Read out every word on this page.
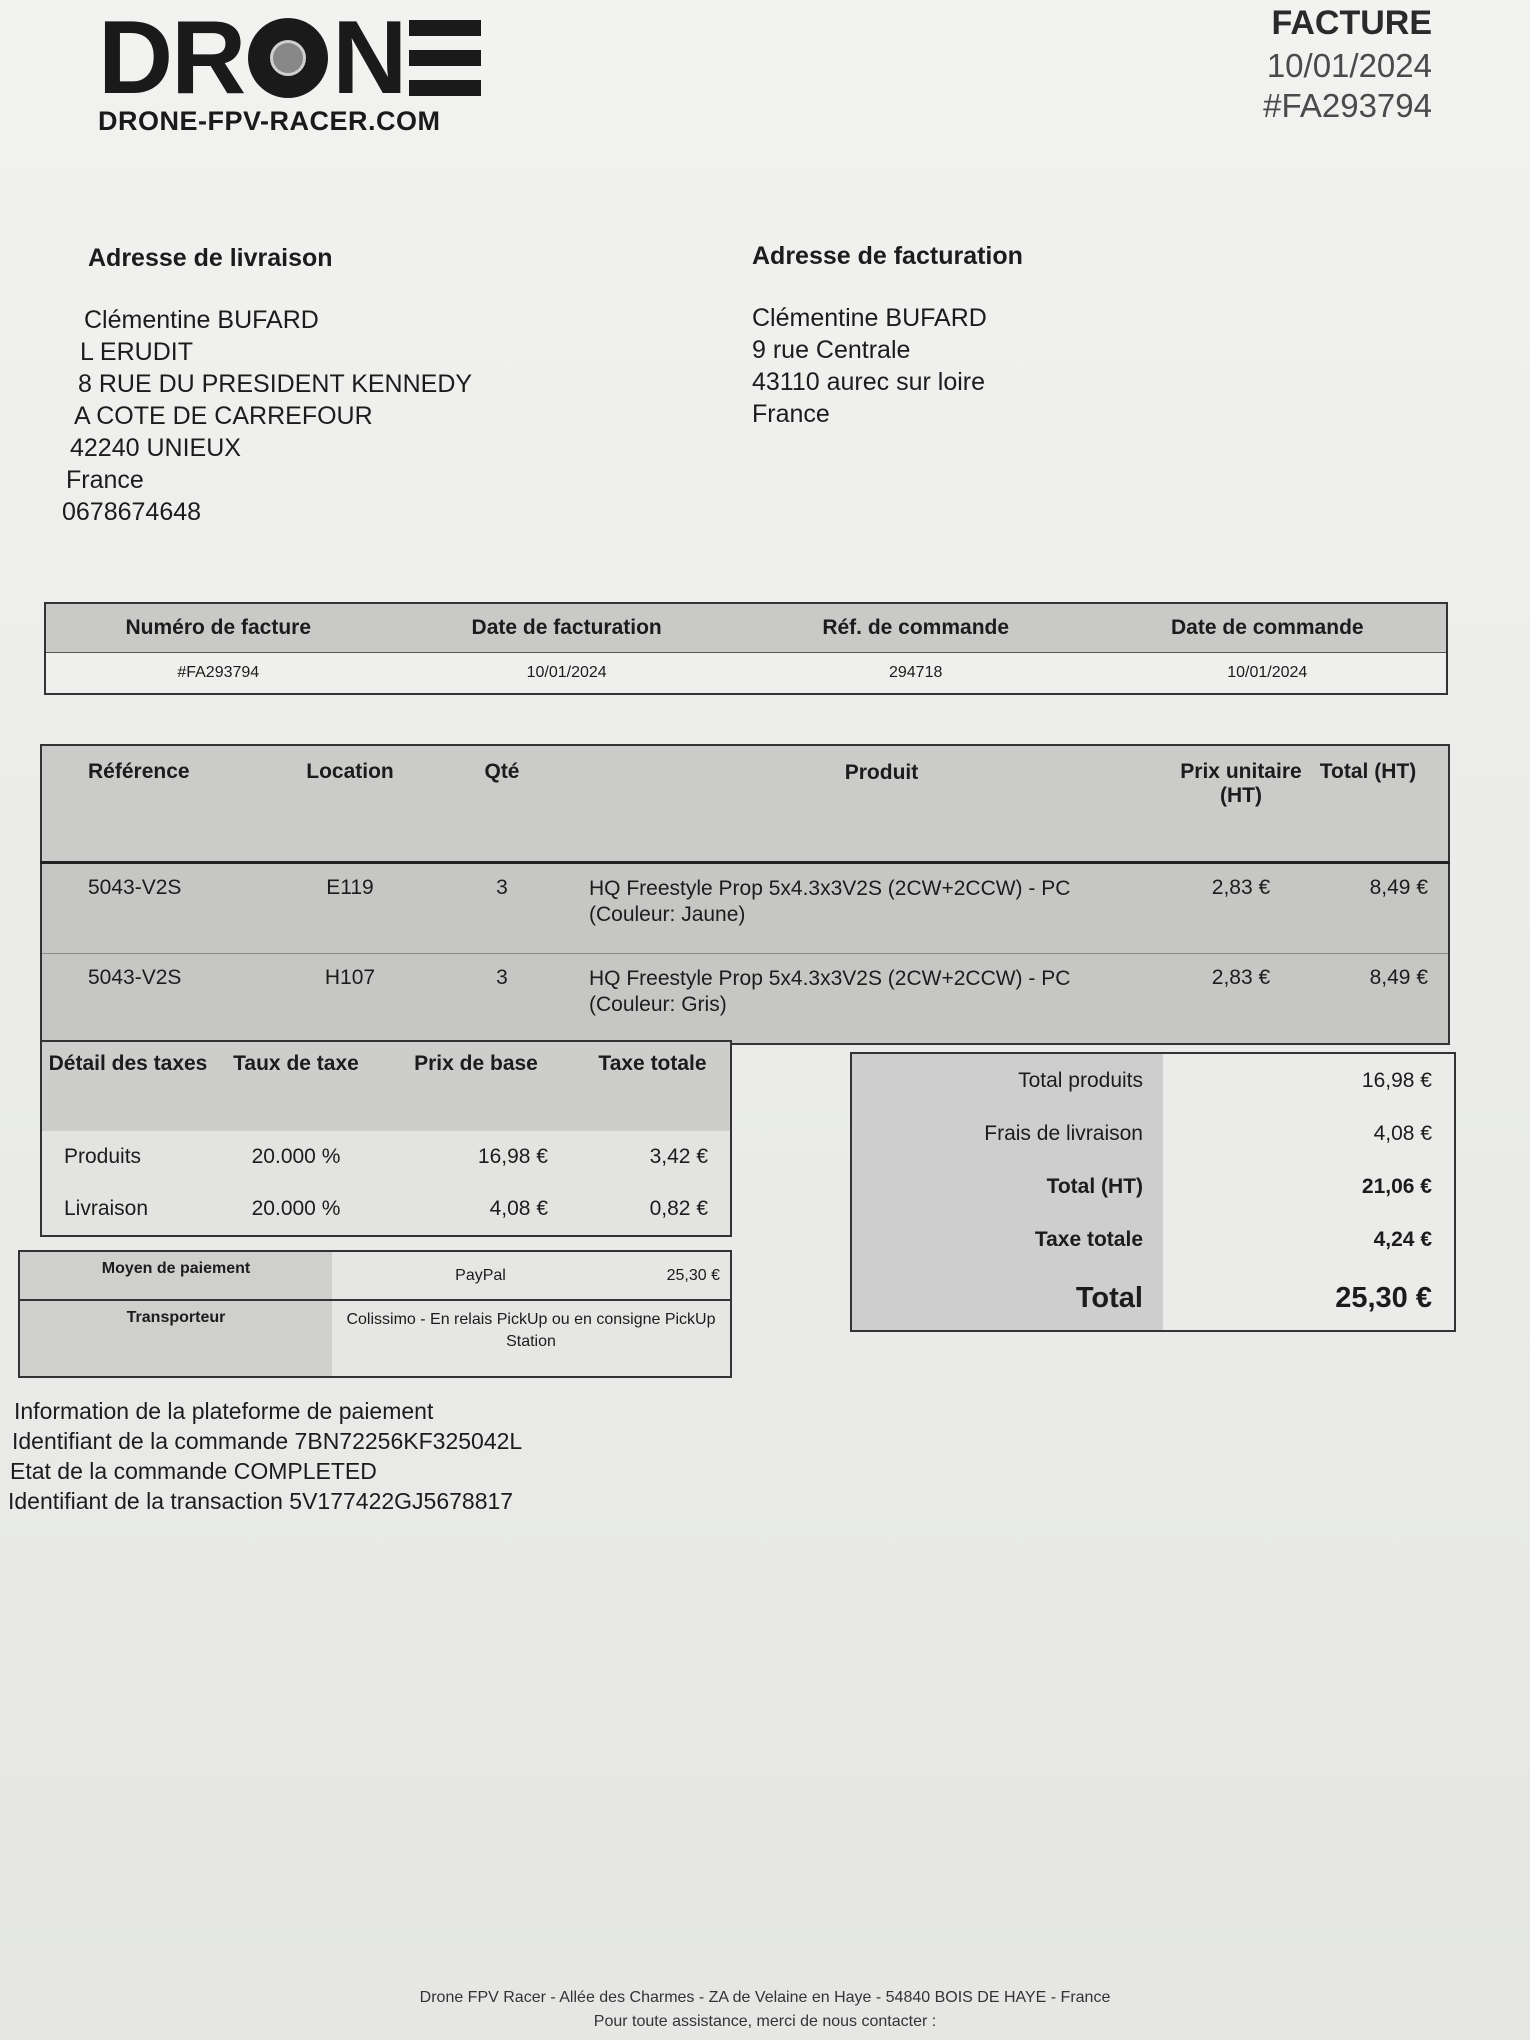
DR N
DRONE-FPV-RACER.COM
FACTURE
10/01/2024
#FA293794
Adresse de livraison
Clémentine BUFARD
L ERUDIT
8 RUE DU PRESIDENT KENNEDY
A COTE DE CARREFOUR
42240 UNIEUX
France
0678674648
Adresse de facturation
Clémentine BUFARD
9 rue Centrale
43110 aurec sur loire
France
Numéro de facture	Date de facturation	Réf. de commande	Date de commande
#FA293794	10/01/2024	294718	10/01/2024
Référence	Location	Qté	Produit	Prix unitaire (HT)	Total (HT)
5043-V2S	E119	3	HQ Freestyle Prop 5x4.3x3V2S (2CW+2CCW) - PC
(Couleur: Jaune)	2,83 €	8,49 €
5043-V2S	H107	3	HQ Freestyle Prop 5x4.3x3V2S (2CW+2CCW) - PC
(Couleur: Gris)	2,83 €	8,49 €
Détail des taxes	Taux de taxe	Prix de base	Taxe totale
Produits	20.000 %	16,98 €	3,42 €
Livraison	20.000 %	4,08 €	0,82 €
Moyen de paiement	PayPal	25,30 €
Transporteur	Colissimo - En relais PickUp ou en consigne PickUp Station	
Total produits	16,98 €
Frais de livraison	4,08 €
Total (HT)	21,06 €
Taxe totale	4,24 €
Total	25,30 €
Information de la plateforme de paiement
Identifiant de la commande 7BN72256KF325042L
Etat de la commande COMPLETED
Identifiant de la transaction 5V177422GJ5678817
Drone FPV Racer - Allée des Charmes - ZA de Velaine en Haye - 54840 BOIS DE HAYE - France
Pour toute assistance, merci de nous contacter :
